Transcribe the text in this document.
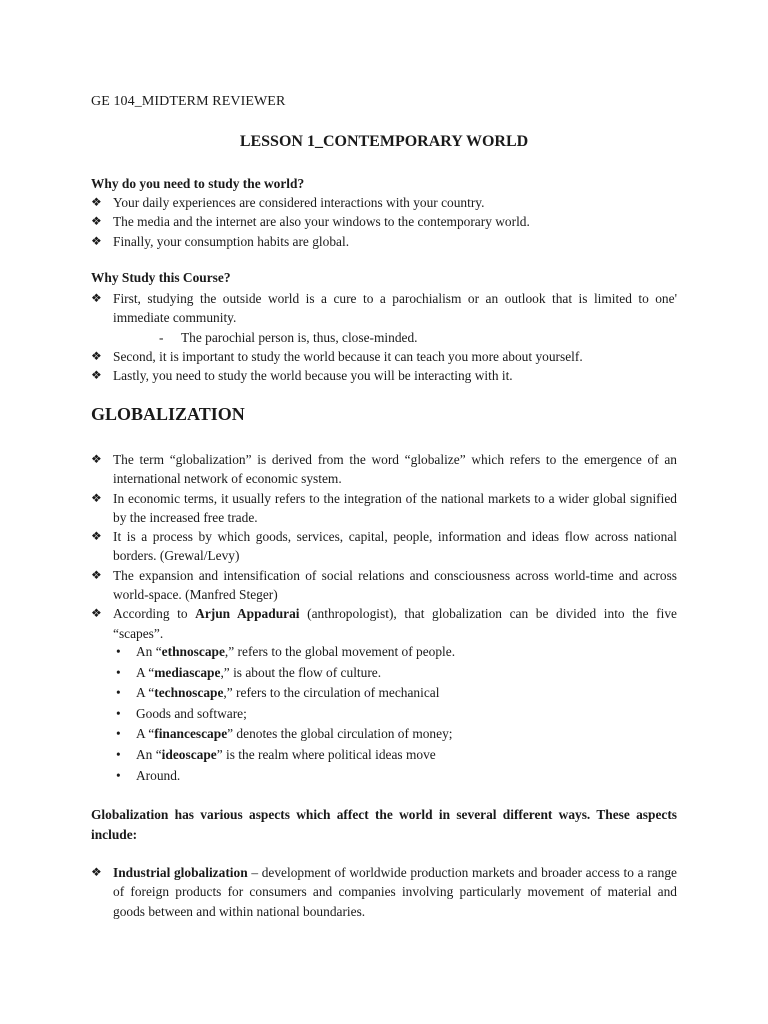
GE 104_MIDTERM REVIEWER
LESSON 1_CONTEMPORARY WORLD
Why do you need to study the world?
❖ Your daily experiences are considered interactions with your country.
❖ The media and the internet are also your windows to the contemporary world.
❖ Finally, your consumption habits are global.
Why Study this Course?
❖ First, studying the outside world is a cure to a parochialism or an outlook that is limited to one' immediate community.
- The parochial person is, thus, close-minded.
❖ Second, it is important to study the world because it can teach you more about yourself.
❖ Lastly, you need to study the world because you will be interacting with it.
GLOBALIZATION
❖ The term “globalization” is derived from the word “globalize” which refers to the emergence of an international network of economic system.
❖ In economic terms, it usually refers to the integration of the national markets to a wider global signified by the increased free trade.
❖ It is a process by which goods, services, capital, people, information and ideas flow across national borders. (Grewal/Levy)
❖ The expansion and intensification of social relations and consciousness across world-time and across world-space. (Manfred Steger)
❖ According to Arjun Appadurai (anthropologist), that globalization can be divided into the five “scapes”.
• An “ethnoscape,” refers to the global movement of people.
• A “mediascape,” is about the flow of culture.
• A “technoscape,” refers to the circulation of mechanical
• Goods and software;
• A “financescape” denotes the global circulation of money;
• An “ideoscape” is the realm where political ideas move
• Around.
Globalization has various aspects which affect the world in several different ways. These aspects include:
❖ Industrial globalization – development of worldwide production markets and broader access to a range of foreign products for consumers and companies involving particularly movement of material and goods between and within national boundaries.
